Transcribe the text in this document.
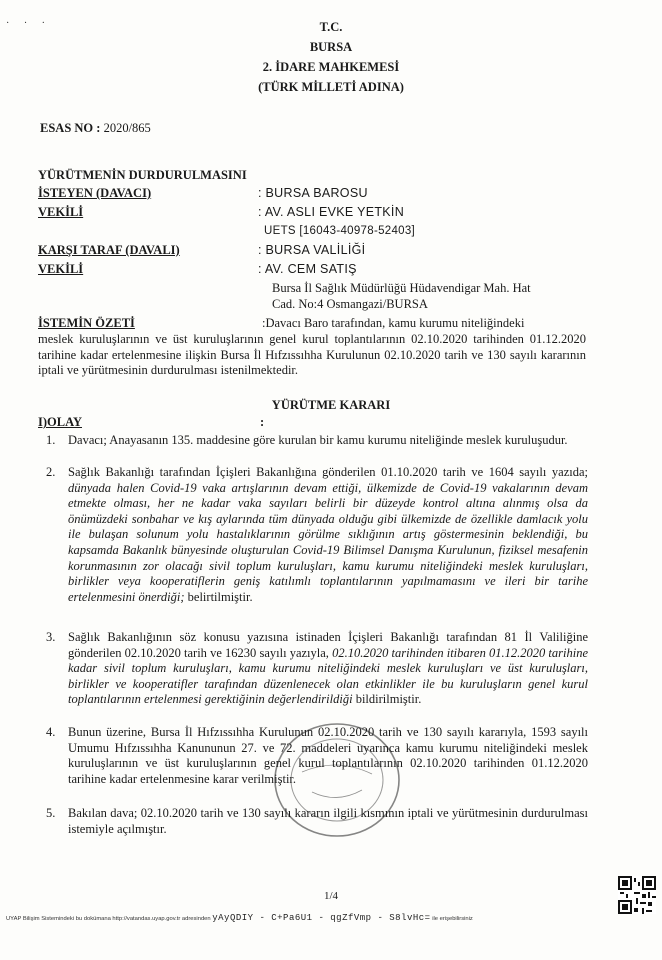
· · ·	T.C.
BURSA
2. İDARE MAHKEMESİ
(TÜRK MİLLETİ ADINA)
ESAS NO : 2020/865
YÜRÜTMENİN DURDURULMASINI
İSTEYEN (DAVACI)	: BURSA BAROSU
VEKİLİ	: AV. ASLI EVKE YETKİN
UETS [16043-40978-52403]
KARŞI TARAF (DAVALI)	: BURSA VALİLİĞİ
VEKİLİ	: AV. CEM SATIŞ
Bursa İl Sağlık Müdürlüğü Hüdavendigar Mah. Hat
Cad. No:4 Osmangazi/BURSA
İSTEMİN ÖZETİ	:Davacı Baro tarafından, kamu kurumu niteliğindeki
meslek kuruluşlarının ve üst kuruluşlarının genel kurul toplantılarının 02.10.2020 tarihinden 01.12.2020 tarihine kadar ertelenmesine ilişkin Bursa İl Hıfzıssıhha Kurulunun 02.10.2020 tarih ve 130 sayılı kararının iptali ve yürütmesinin durdurulması istenilmektedir.
YÜRÜTME KARARI
I)OLAY	:
1.	Davacı; Anayasanın 135. maddesine göre kurulan bir kamu kurumu niteliğinde meslek kuruluşudur.
2.	Sağlık Bakanlığı tarafından İçişleri Bakanlığına gönderilen 01.10.2020 tarih ve 1604 sayılı yazıda; dünyada halen Covid-19 vaka artışlarının devam ettiği, ülkemizde de Covid-19 vakalarının devam etmekte olması, her ne kadar vaka sayıları belirli bir düzeyde kontrol altına alınmış olsa da önümüzdeki sonbahar ve kış aylarında tüm dünyada olduğu gibi ülkemizde de özellikle damlacık yolu ile bulaşan solunum yolu hastalıklarının görülme sıklığının artış göstermesinin beklendiği, bu kapsamda Bakanlık bünyesinde oluşturulan Covid-19 Bilimsel Danışma Kurulunun, fiziksel mesafenin korunmasının zor olacağı sivil toplum kuruluşları, kamu kurumu niteliğindeki meslek kuruluşları, birlikler veya kooperatiflerin geniş katılımlı toplantılarının yapılmamasını ve ileri bir tarihe ertelenmesini önerdiği; belirtilmiştir.
3.	Sağlık Bakanlığının söz konusu yazısına istinaden İçişleri Bakanlığı tarafından 81 İl Valiliğine gönderilen 02.10.2020 tarih ve 16230 sayılı yazıyla, 02.10.2020 tarihinden itibaren 01.12.2020 tarihine kadar sivil toplum kuruluşları, kamu kurumu niteliğindeki meslek kuruluşları ve üst kuruluşları, birlikler ve kooperatifler tarafından düzenlenecek olan etkinlikler ile bu kuruluşların genel kurul toplantılarının ertelenmesi gerektiğinin değerlendirildiği bildirilmiştir.
4.	Bunun üzerine, Bursa İl Hıfzıssıhha Kurulunun 02.10.2020 tarih ve 130 sayılı kararıyla, 1593 sayılı Umumu Hıfzıssıhha Kanununun 27. ve 72. maddeleri uyarınca kamu kurumu niteliğindeki meslek kuruluşlarının ve üst kuruluşlarının genel kurul toplantılarının 02.10.2020 tarihinden 01.12.2020 tarihine kadar ertelenmesine karar verilmiştir.
5.	Bakılan dava; 02.10.2020 tarih ve 130 sayılı kararın ilgili kısmının iptali ve yürütmesinin durdurulması istemiyle açılmıştır.
1/4
UYAP Bilişim Sistemindeki bu dokümana http://vatandas.uyap.gov.tr adresinden yAyQDIY - C+Pa6U1 - qgZfVmp - S8lvHc= ile erişebilirsiniz
